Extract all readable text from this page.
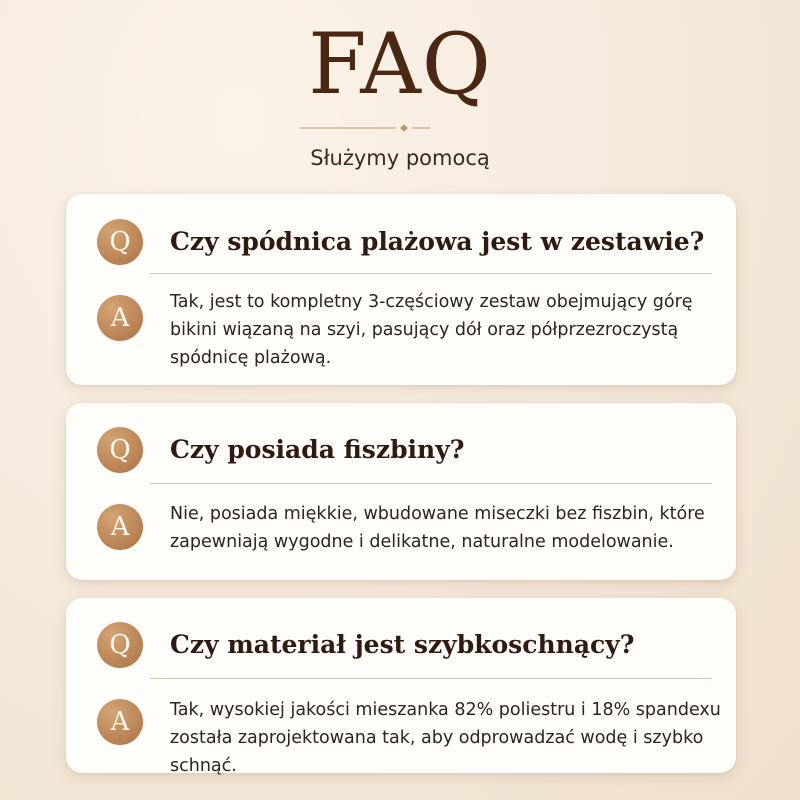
FAQ
Służymy pomocą
Q	Czy spódnica plażowa jest w zestawie?
A
Tak, jest to kompletny 3-częściowy zestaw obejmujący górę bikini wiązaną na szyi, pasujący dół oraz półprzezroczystą spódnicę plażową.
Q	Czy posiada fiszbiny?
A	Nie, posiada miękkie, wbudowane miseczki bez fiszbin, które zapewniają wygodne i delikatne, naturalne modelowanie.
Q	Czy materiał jest szybkoschnący?
A	Tak, wysokiej jakości mieszanka 82% poliestru i 18% spandexu została zaprojektowana tak, aby odprowadzać wodę i szybko schnąć.
